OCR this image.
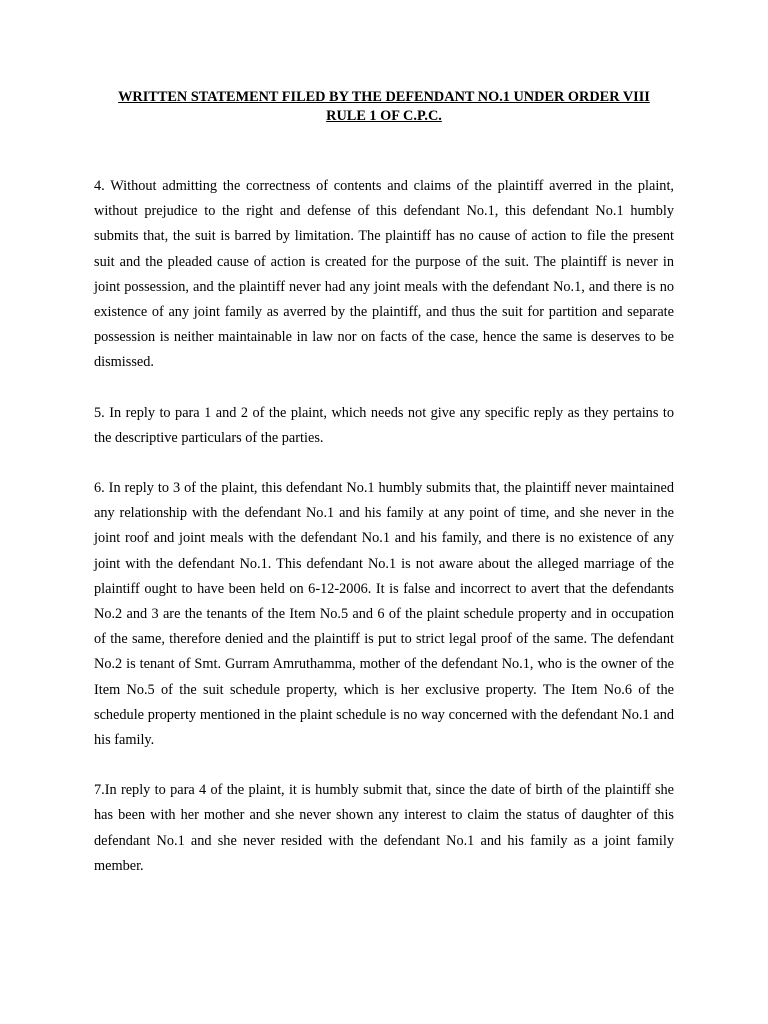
WRITTEN STATEMENT FILED BY THE DEFENDANT NO.1 UNDER ORDER VIII
RULE 1 OF C.P.C.

4. Without admitting the correctness of contents and claims of the plaintiff averred in the plaint, without prejudice to the right and defense of this defendant No.1, this defendant No.1 humbly submits that, the suit is barred by limitation. The plaintiff has no cause of action to file the present suit and the pleaded cause of action is created for the purpose of the suit. The plaintiff is never in joint possession, and the plaintiff never had any joint meals with the defendant No.1, and there is no existence of any joint family as averred by the plaintiff, and thus the suit for partition and separate possession is neither maintainable in law nor on facts of the case, hence the same is deserves to be dismissed.

5. In reply to para 1 and 2 of the plaint, which needs not give any specific reply as they pertains to the descriptive particulars of the parties.

6. In reply to 3 of the plaint, this defendant No.1 humbly submits that, the plaintiff never maintained any relationship with the defendant No.1 and his family at any point of time, and she never in the joint roof and joint meals with the defendant No.1 and his family, and there is no existence of any joint with the defendant No.1. This defendant No.1 is not aware about the alleged marriage of the plaintiff ought to have been held on 6-12-2006. It is false and incorrect to avert that the defendants No.2 and 3 are the tenants of the Item No.5 and 6 of the plaint schedule property and in occupation of the same, therefore denied and the plaintiff is put to strict legal proof of the same. The defendant No.2 is tenant of Smt. Gurram Amruthamma, mother of the defendant No.1, who is the owner of the Item No.5 of the suit schedule property, which is her exclusive property. The Item No.6 of the schedule property mentioned in the plaint schedule is no way concerned with the defendant No.1 and his family.

7.In reply to para 4 of the plaint, it is humbly submit that, since the date of birth of the plaintiff she has been with her mother and she never shown any interest to claim the status of daughter of this defendant No.1 and she never resided with the defendant No.1 and his family as a joint family member.
